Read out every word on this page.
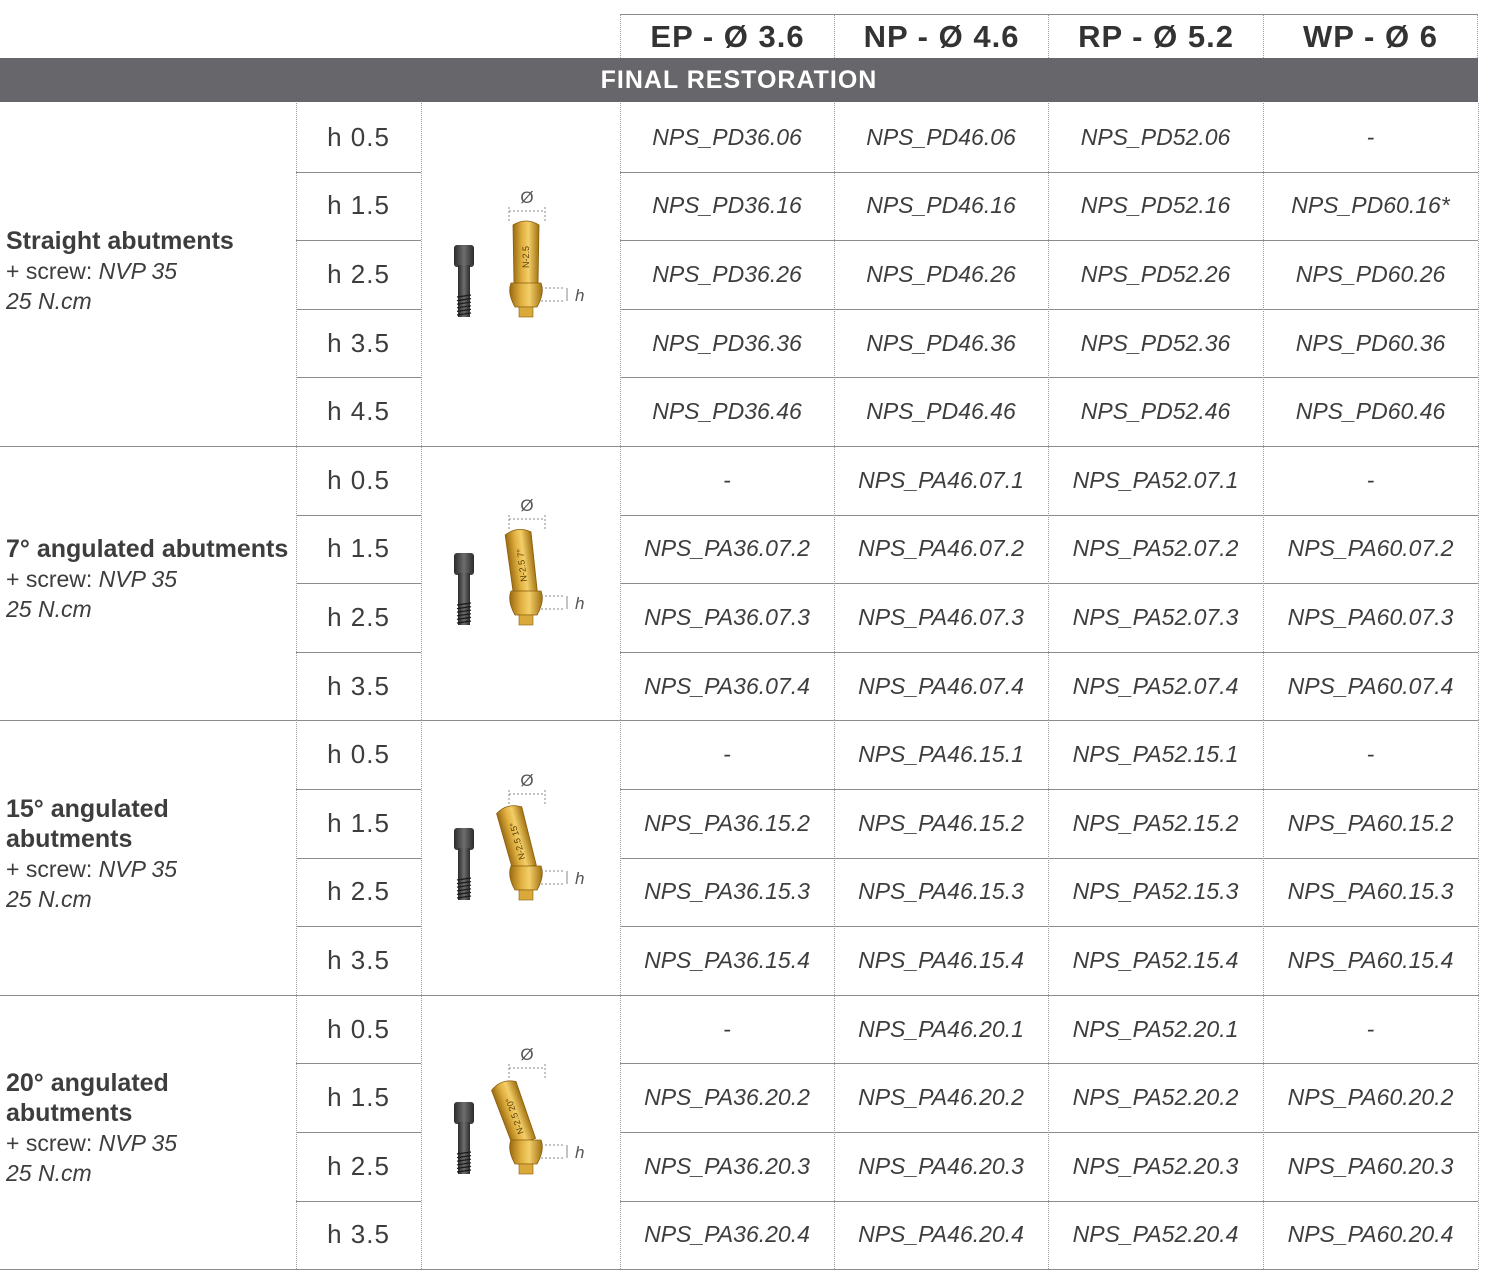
EP - Ø 3.6	NP - Ø 4.6	RP - Ø 5.2	WP - Ø 6
FINAL RESTORATION
Straight abutments
+ screw: NVP 35
25 N.cm
h 0.5	NPS_PD36.06	NPS_PD46.06	NPS_PD52.06	-
h 1.5	NPS_PD36.16	NPS_PD46.16	NPS_PD52.16	NPS_PD60.16*
h 2.5	NPS_PD36.26	NPS_PD46.26	NPS_PD52.26	NPS_PD60.26
h 3.5	NPS_PD36.36	NPS_PD46.36	NPS_PD52.36	NPS_PD60.36
h 4.5	NPS_PD36.46	NPS_PD46.46	NPS_PD52.46	NPS_PD60.46
N-2.5
Ø
h
7° angulated abutments
+ screw: NVP 35
25 N.cm
h 0.5	-	NPS_PA46.07.1	NPS_PA52.07.1	-
h 1.5	NPS_PA36.07.2	NPS_PA46.07.2	NPS_PA52.07.2	NPS_PA60.07.2
h 2.5	NPS_PA36.07.3	NPS_PA46.07.3	NPS_PA52.07.3	NPS_PA60.07.3
h 3.5	NPS_PA36.07.4	NPS_PA46.07.4	NPS_PA52.07.4	NPS_PA60.07.4
N-2.5 7°
Ø
h
15° angulated abutments
+ screw: NVP 35
25 N.cm
h 0.5	-	NPS_PA46.15.1	NPS_PA52.15.1	-
h 1.5	NPS_PA36.15.2	NPS_PA46.15.2	NPS_PA52.15.2	NPS_PA60.15.2
h 2.5	NPS_PA36.15.3	NPS_PA46.15.3	NPS_PA52.15.3	NPS_PA60.15.3
h 3.5	NPS_PA36.15.4	NPS_PA46.15.4	NPS_PA52.15.4	NPS_PA60.15.4
N-2.5 15°
Ø
h
20° angulated abutments
+ screw: NVP 35
25 N.cm
h 0.5	-	NPS_PA46.20.1	NPS_PA52.20.1	-
h 1.5	NPS_PA36.20.2	NPS_PA46.20.2	NPS_PA52.20.2	NPS_PA60.20.2
h 2.5	NPS_PA36.20.3	NPS_PA46.20.3	NPS_PA52.20.3	NPS_PA60.20.3
h 3.5	NPS_PA36.20.4	NPS_PA46.20.4	NPS_PA52.20.4	NPS_PA60.20.4
N-2.5 20°
Ø
h
